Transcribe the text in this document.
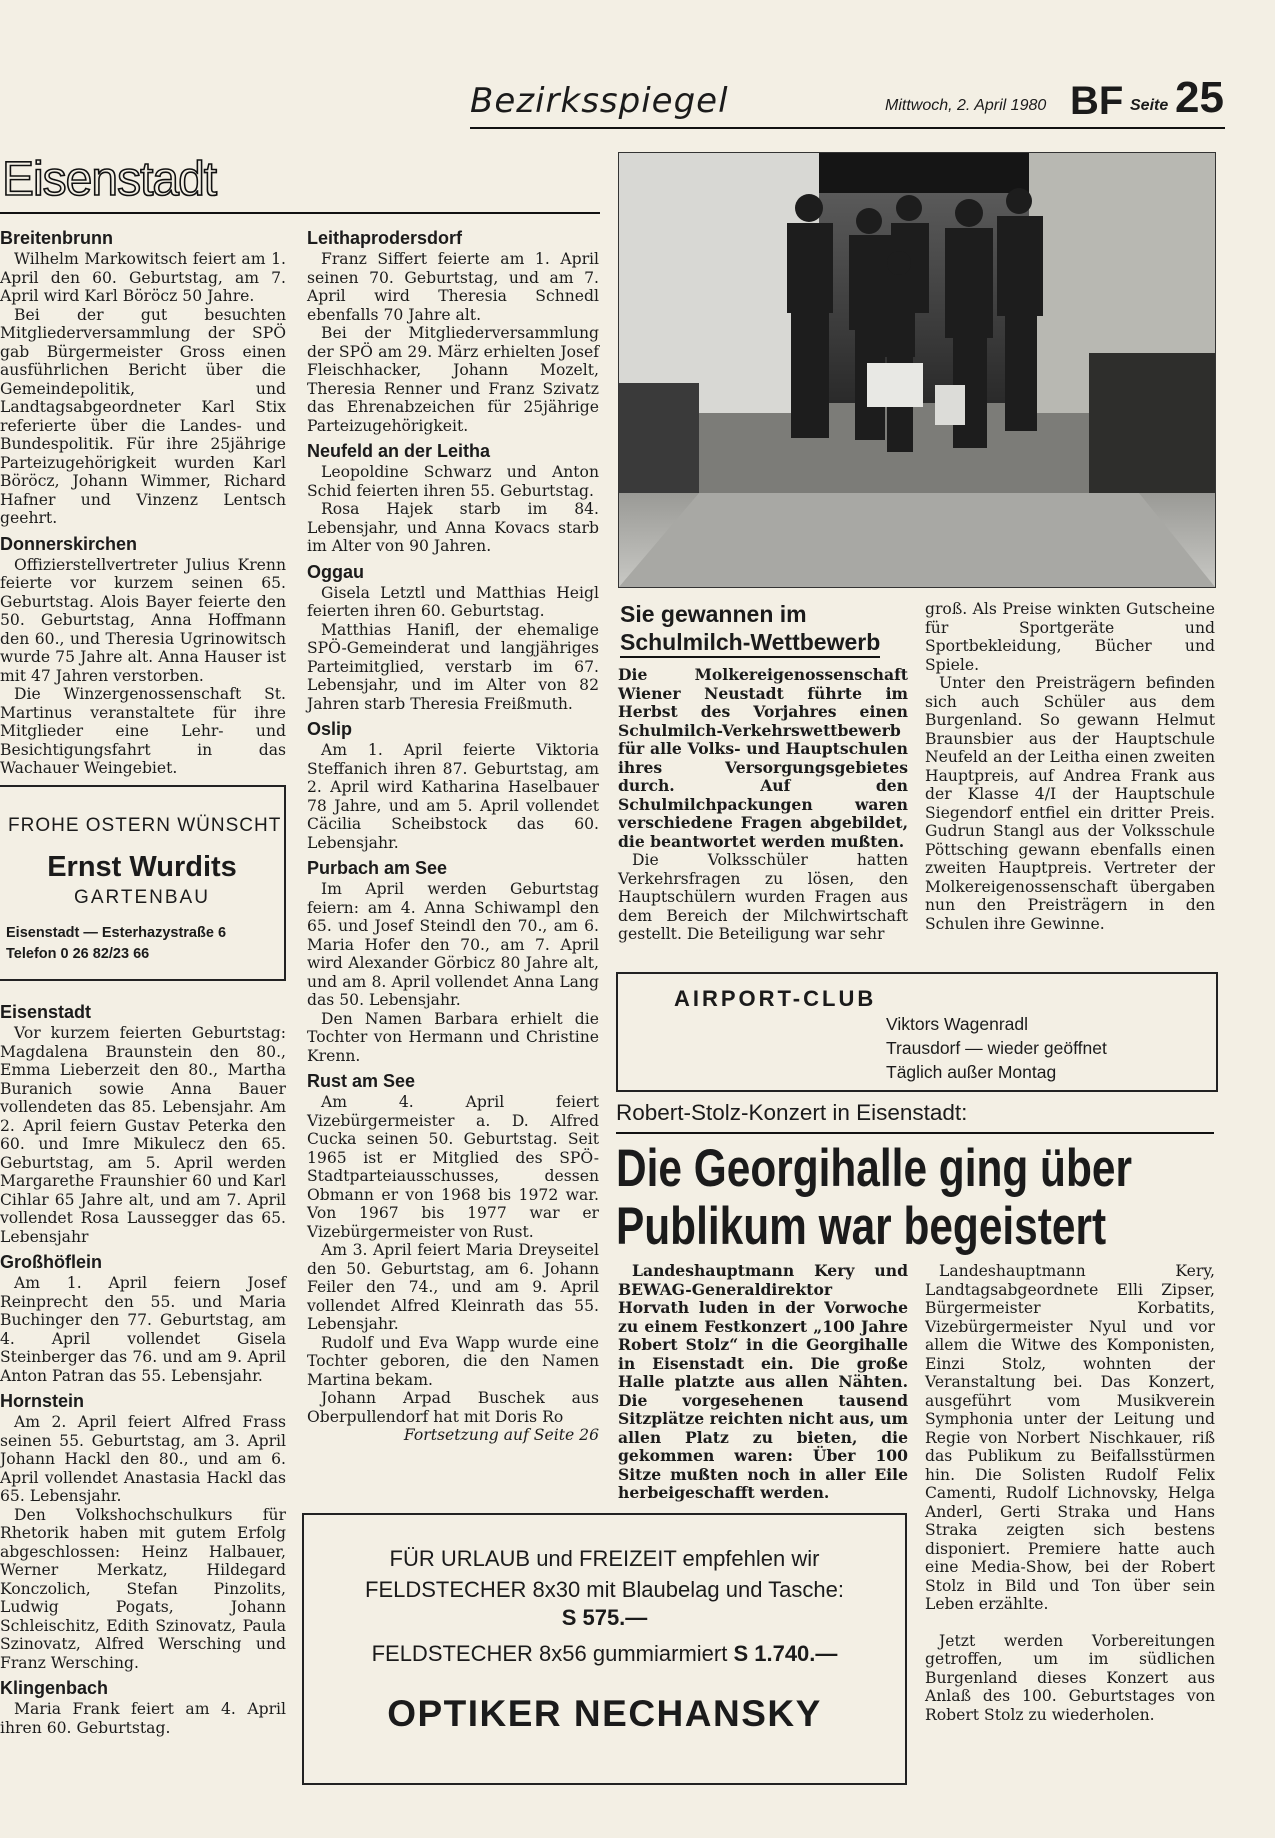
Bezirksspiegel	Mittwoch, 2. April 1980 BF Seite 25
Eisenstadt
Breitenbrunn

Wilhelm Markowitsch feiert am 1. April den 60. Geburtstag, am 7. April wird Karl Böröcz 50 Jahre.

Bei der gut besuchten Mitgliederversammlung der SPÖ gab Bürgermeister Gross einen ausführlichen Bericht über die Gemeindepolitik, und Landtagsabgeordneter Karl Stix referierte über die Landes- und Bundespolitik. Für ihre 25jährige Parteizugehörigkeit wurden Karl Böröcz, Johann Wimmer, Richard Hafner und Vinzenz Lentsch geehrt.

Donnerskirchen

Offizierstellvertreter Julius Krenn feierte vor kurzem seinen 65. Geburtstag. Alois Bayer feierte den 50. Geburtstag, Anna Hoffmann den 60., und Theresia Ugrinowitsch wurde 75 Jahre alt. Anna Hauser ist mit 47 Jahren verstorben.

Die Winzergenossenschaft St. Martinus veranstaltete für ihre Mitglieder eine Lehr- und Besichtigungsfahrt in das Wachauer Weingebiet.

FROHE OSTERN WÜNSCHT
Ernst Wurdits
GARTENBAU
Eisenstadt — Esterhazystraße 6
Telefon 0 26 82/23 66
Eisenstadt

Vor kurzem feierten Geburtstag: Magdalena Braunstein den 80., Emma Lieberzeit den 80., Martha Buranich sowie Anna Bauer vollendeten das 85. Lebensjahr. Am 2. April feiern Gustav Peterka den 60. und Imre Mikulecz den 65. Geburtstag, am 5. April werden Margarethe Fraunshier 60 und Karl Cihlar 65 Jahre alt, und am 7. April vollendet Rosa Laussegger das 65. Lebensjahr

Großhöflein

Am 1. April feiern Josef Reinprecht den 55. und Maria Buchinger den 77. Geburtstag, am 4. April vollendet Gisela Steinberger das 76. und am 9. April Anton Patran das 55. Lebensjahr.

Hornstein

Am 2. April feiert Alfred Frass seinen 55. Geburtstag, am 3. April Johann Hackl den 80., und am 6. April vollendet Anastasia Hackl das 65. Lebensjahr.

Den Volkshochschulkurs für Rhetorik haben mit gutem Erfolg abgeschlossen: Heinz Halbauer, Werner Merkatz, Hildegard Konczolich, Stefan Pinzolits, Ludwig Pogats, Johann Schleischitz, Edith Szinovatz, Paula Szinovatz, Alfred Wersching und Franz Wersching.

Klingenbach

Maria Frank feiert am 4. April ihren 60. Geburtstag.

Leithaprodersdorf

Franz Siffert feierte am 1. April seinen 70. Geburtstag, und am 7. April wird Theresia Schnedl ebenfalls 70 Jahre alt.

Bei der Mitgliederversammlung der SPÖ am 29. März erhielten Josef Fleischhacker, Johann Mozelt, Theresia Renner und Franz Szivatz das Ehrenabzeichen für 25jährige Parteizugehörigkeit.

Neufeld an der Leitha

Leopoldine Schwarz und Anton Schid feierten ihren 55. Geburtstag.

Rosa Hajek starb im 84. Lebensjahr, und Anna Kovacs starb im Alter von 90 Jahren.

Oggau

Gisela Letztl und Matthias Heigl feierten ihren 60. Geburtstag.

Matthias Hanifl, der ehemalige SPÖ-Gemeinderat und langjähriges Parteimitglied, verstarb im 67. Lebensjahr, und im Alter von 82 Jahren starb Theresia Freißmuth.

Oslip

Am 1. April feierte Viktoria Steffanich ihren 87. Geburtstag, am 2. April wird Katharina Haselbauer 78 Jahre, und am 5. April vollendet Cäcilia Scheibstock das 60. Lebensjahr.

Purbach am See

Im April werden Geburtstag feiern: am 4. Anna Schiwampl den 65. und Josef Steindl den 70., am 6. Maria Hofer den 70., am 7. April wird Alexander Görbicz 80 Jahre alt, und am 8. April vollendet Anna Lang das 50. Lebensjahr.

Den Namen Barbara erhielt die Tochter von Hermann und Christine Krenn.

Rust am See

Am 4. April feiert Vizebürgermeister a. D. Alfred Cucka seinen 50. Geburtstag. Seit 1965 ist er Mitglied des SPÖ-Stadtparteiausschusses, dessen Obmann er von 1968 bis 1972 war. Von 1967 bis 1977 war er Vizebürgermeister von Rust.

Am 3. April feiert Maria Dreyseitel den 50. Geburtstag, am 6. Johann Feiler den 74., und am 9. April vollendet Alfred Kleinrath das 55. Lebensjahr.

Rudolf und Eva Wapp wurde eine Tochter geboren, die den Namen Martina bekam.

Johann Arpad Buschek aus Oberpullendorf hat mit Doris Ro

Fortsetzung auf Seite 26

Sie gewannen im
Schulmilch-Wettbewerb

Die Molkereigenossenschaft Wiener Neustadt führte im Herbst des Vorjahres einen Schulmilch-Verkehrswettbewerb für alle Volks- und Hauptschulen ihres Versorgungsgebietes durch. Auf den Schulmilchpackungen waren verschiedene Fragen abgebildet, die beantwortet werden mußten.

Die Volksschüler hatten Verkehrsfragen zu lösen, den Hauptschülern wurden Fragen aus dem Bereich der Milchwirtschaft gestellt. Die Beteiligung war sehr

groß. Als Preise winkten Gutscheine für Sportgeräte und Sportbekleidung, Bücher und Spiele.

Unter den Preisträgern befinden sich auch Schüler aus dem Burgenland. So gewann Helmut Braunsbier aus der Hauptschule Neufeld an der Leitha einen zweiten Hauptpreis, auf Andrea Frank aus der Klasse 4/I der Hauptschule Siegendorf entfiel ein dritter Preis. Gudrun Stangl aus der Volksschule Pöttsching gewann ebenfalls einen zweiten Hauptpreis. Vertreter der Molkereigenossenschaft übergaben nun den Preisträgern in den Schulen ihre Gewinne.

AIRPORT-CLUB
Viktors Wagenradl
Trausdorf — wieder geöffnet
Täglich außer Montag
Robert-Stolz-Konzert in Eisenstadt:
Die Georgihalle ging über
Publikum war begeistert

Landeshauptmann Kery und BEWAG-Generaldirektor Horvath luden in der Vorwoche zu einem Festkonzert „100 Jahre Robert Stolz“ in die Georgihalle in Eisenstadt ein. Die große Halle platzte aus allen Nähten. Die vorgesehenen tausend Sitzplätze reichten nicht aus, um allen Platz zu bieten, die gekommen waren: Über 100 Sitze mußten noch in aller Eile herbeigeschafft werden.

Landeshauptmann Kery, Landtagsabgeordnete Elli Zipser, Bürgermeister Korbatits, Vizebürgermeister Nyul und vor allem die Witwe des Komponisten, Einzi Stolz, wohnten der Veranstaltung bei. Das Konzert, ausgeführt vom Musikverein Symphonia unter der Leitung und Regie von Norbert Nischkauer, riß das Publikum zu Beifallsstürmen hin. Die Solisten Rudolf Felix Camenti, Rudolf Lichnovsky, Helga Anderl, Gerti Straka und Hans Straka zeigten sich bestens disponiert. Premiere hatte auch eine Media-Show, bei der Robert Stolz in Bild und Ton über sein Leben erzählte.

Jetzt werden Vorbereitungen getroffen, um im südlichen Burgenland dieses Konzert aus Anlaß des 100. Geburtstages von Robert Stolz zu wiederholen.

FÜR URLAUB und FREIZEIT empfehlen wir
FELDSTECHER 8x30 mit Blaubelag und Tasche:
S 575.—
FELDSTECHER 8x56 gummiarmiert S 1.740.—
OPTIKER NECHANSKY
